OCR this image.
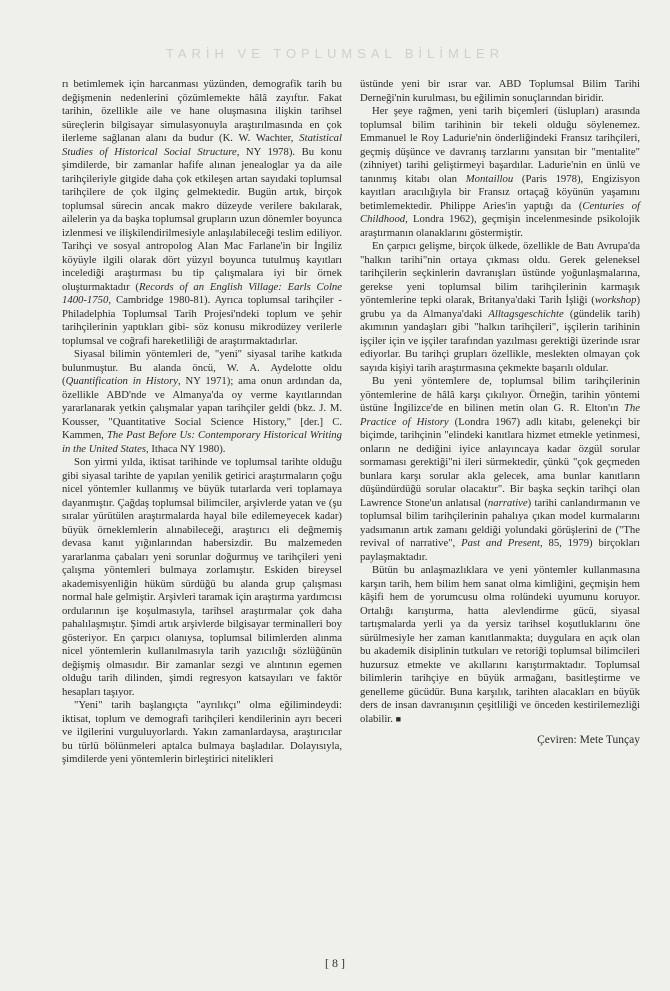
TARİH VE TOPLUMSAL BİLİMLER

rı betimlemek için harcanması yüzünden, demografik tarih bu değişmenin nedenlerini çözümlemekte hâlâ zayıftır. Fakat tarihin, özellikle aile ve hane oluşmasına ilişkin tarihsel süreçlerin bilgisayar simulasyonuyla araştırılmasında en çok ilerleme sağlanan alanı da budur (K. W. Wachter, Statistical Studies of Historical Social Structure, NY 1978). Bu konu şimdilerde, bir zamanlar hafife alınan jenealoglar ya da aile tarihçileriyle gitgide daha çok etkileşen artan sayıdaki toplumsal tarihçilere de çok ilginç gelmektedir. Bugün artık, birçok toplumsal sürecin ancak makro düzeyde verilere bakılarak, ailelerin ya da başka toplumsal grupların uzun dönemler boyunca izlenmesi ve ilişkilendirilmesiyle anlaşılabileceği teslim ediliyor. Tarihçi ve sosyal antropolog Alan Mac Farlane'in bir İngiliz köyüyle ilgili olarak dört yüzyıl boyunca tutulmuş kayıtları incelediği araştırması bu tip çalışmalara iyi bir örnek oluşturmaktadır (Records of an English Village: Earls Colne 1400-1750, Cambridge 1980-81). Ayrıca toplumsal tarihçiler -Philadelphia Toplumsal Tarih Projesi'ndeki toplum ve şehir tarihçilerinin yaptıkları gibi- söz konusu mikrodüzey verilerle toplumsal ve coğrafi hareketliliği de araştırmaktadırlar.

Siyasal bilimin yöntemleri de, "yeni" siyasal tarihe katkıda bulunmuştur. Bu alanda öncü, W. A. Aydelotte oldu (Quantification in History, NY 1971); ama onun ardından da, özellikle ABD'nde ve Almanya'da oy verme kayıtlarından yararlanarak yetkin çalışmalar yapan tarihçiler geldi (bkz. J. M. Kousser, "Quantitative Social Science History," [der.] C. Kammen, The Past Before Us: Contemporary Historical Writing in the United States, Ithaca NY 1980).

Son yirmi yılda, iktisat tarihinde ve toplumsal tarihte olduğu gibi siyasal tarihte de yapılan yenilik getirici araştırmaların çoğu nicel yöntemler kullanmış ve büyük tutarlarda veri toplamaya dayanmıştır. Çağdaş toplumsal bilimciler, arşivlerde yatan ve (şu sıralar yürütülen araştırmalarda hayal bile edilemeyecek kadar) büyük örneklemlerin alınabileceği, araştırıcı eli değmemiş devasa kanıt yığınlarından habersizdir. Bu malzemeden yararlanma çabaları yeni sorunlar doğurmuş ve tarihçileri yeni çalışma yöntemleri bulmaya zorlamıştır. Eskiden bireysel akademisyenliğin hüküm sürdüğü bu alanda grup çalışması normal hale gelmiştir. Arşivleri taramak için araştırma yardımcısı ordularının işe koşulmasıyla, tarihsel araştırmalar çok daha pahalılaşmıştır. Şimdi artık arşivlerde bilgisayar terminalleri boy gösteriyor. En çarpıcı olanıysa, toplumsal bilimlerden alınma nicel yöntemlerin kullanılmasıyla tarih yazıcılığı sözlüğünün değişmiş olmasıdır. Bir zamanlar sezgi ve alıntının egemen olduğu tarih dilinden, şimdi regresyon katsayıları ve faktör hesapları taşıyor.

"Yeni" tarih başlangıçta "ayrılıkçı" olma eğilimindeydi: iktisat, toplum ve demografi tarihçileri kendilerinin ayrı beceri ve ilgilerini vurguluyorlardı. Yakın zamanlardaysa, araştırıcılar bu türlü bölünmeleri aptalca bulmaya başladılar. Dolayısıyla, şimdilerde yeni yöntemlerin birleştirici nitelikleri

üstünde yeni bir ısrar var. ABD Toplumsal Bilim Tarihi Derneği'nin kurulması, bu eğilimin sonuçlarından biridir.

Her şeye rağmen, yeni tarih biçemleri (üslupları) arasında toplumsal bilim tarihinin bir tekeli olduğu söylenemez. Emmanuel le Roy Ladurie'nin önderliğindeki Fransız tarihçileri, geçmiş düşünce ve davranış tarzlarını yansıtan bir "mentalite" (zihniyet) tarihi geliştirmeyi başardılar. Ladurie'nin en ünlü ve tanınmış kitabı olan Montaillou (Paris 1978), Engizisyon kayıtları aracılığıyla bir Fransız ortaçağ köyünün yaşamını betimlemektedir. Philippe Aries'in yaptığı da (Centuries of Childhood, Londra 1962), geçmişin incelenmesinde psikolojik araştırmanın olanaklarını göstermiştir.

En çarpıcı gelişme, birçok ülkede, özellikle de Batı Avrupa'da "halkın tarihi"nin ortaya çıkması oldu. Gerek geleneksel tarihçilerin seçkinlerin davranışları üstünde yoğunlaşmalarına, gerekse yeni toplumsal bilim tarihçilerinin karmaşık yöntemlerine tepki olarak, Britanya'daki Tarih İşliği (workshop) grubu ya da Almanya'daki Alltagsgeschichte (gündelik tarih) akımının yandaşları gibi "halkın tarihçileri", işçilerin tarihinin işçiler için ve işçiler tarafından yazılması gerektiği üzerinde ısrar ediyorlar. Bu tarihçi grupları özellikle, meslekten olmayan çok sayıda kişiyi tarih araştırmasına çekmekte başarılı oldular.

Bu yeni yöntemlere de, toplumsal bilim tarihçilerinin yöntemlerine de hâlâ karşı çıkılıyor. Örneğin, tarihin yöntemi üstüne İngilizce'de en bilinen metin olan G. R. Elton'ın The Practice of History (Londra 1967) adlı kitabı, gelenekçi bir biçimde, tarihçinin "elindeki kanıtlara hizmet etmekle yetinmesi, onların ne dediğini iyice anlayıncaya kadar özgül sorular sormaması gerektiği"ni ileri sürmektedir, çünkü "çok geçmeden bunlara karşı sorular akla gelecek, ama bunlar kanıtların düşündürdüğü sorular olacaktır". Bir başka seçkin tarihçi olan Lawrence Stone'un anlatısal (narrative) tarihi canlandırmanın ve toplumsal bilim tarihçilerinin pahalıya çıkan model kurmalarını yadsımanın artık zamanı geldiği yolundaki görüşlerini de ("The revival of narrative", Past and Present, 85, 1979) birçokları paylaşmaktadır.

Bütün bu anlaşmazlıklara ve yeni yöntemler kullanmasına karşın tarih, hem bilim hem sanat olma kimliğini, geçmişin hem kâşifi hem de yorumcusu olma rolündeki uyumunu koruyor. Ortalığı karıştırma, hatta alevlendirme gücü, siyasal tartışmalarda yerli ya da yersiz tarihsel koşutluklarını öne sürülmesiyle her zaman kanıtlanmakta; duygulara en açık olan bu akademik disiplinin tutkuları ve retoriği toplumsal bilimcileri huzursuz etmekte ve akıllarını karıştırmaktadır. Toplumsal bilimlerin tarihçiye en büyük armağanı, basitleştirme ve genelleme gücüdür. Buna karşılık, tarihten alacakları en büyük ders de insan davranışının çeşitliliği ve önceden kestirilemezliği olabilir. ■

Çeviren: Mete Tunçay
[ 8 ]
